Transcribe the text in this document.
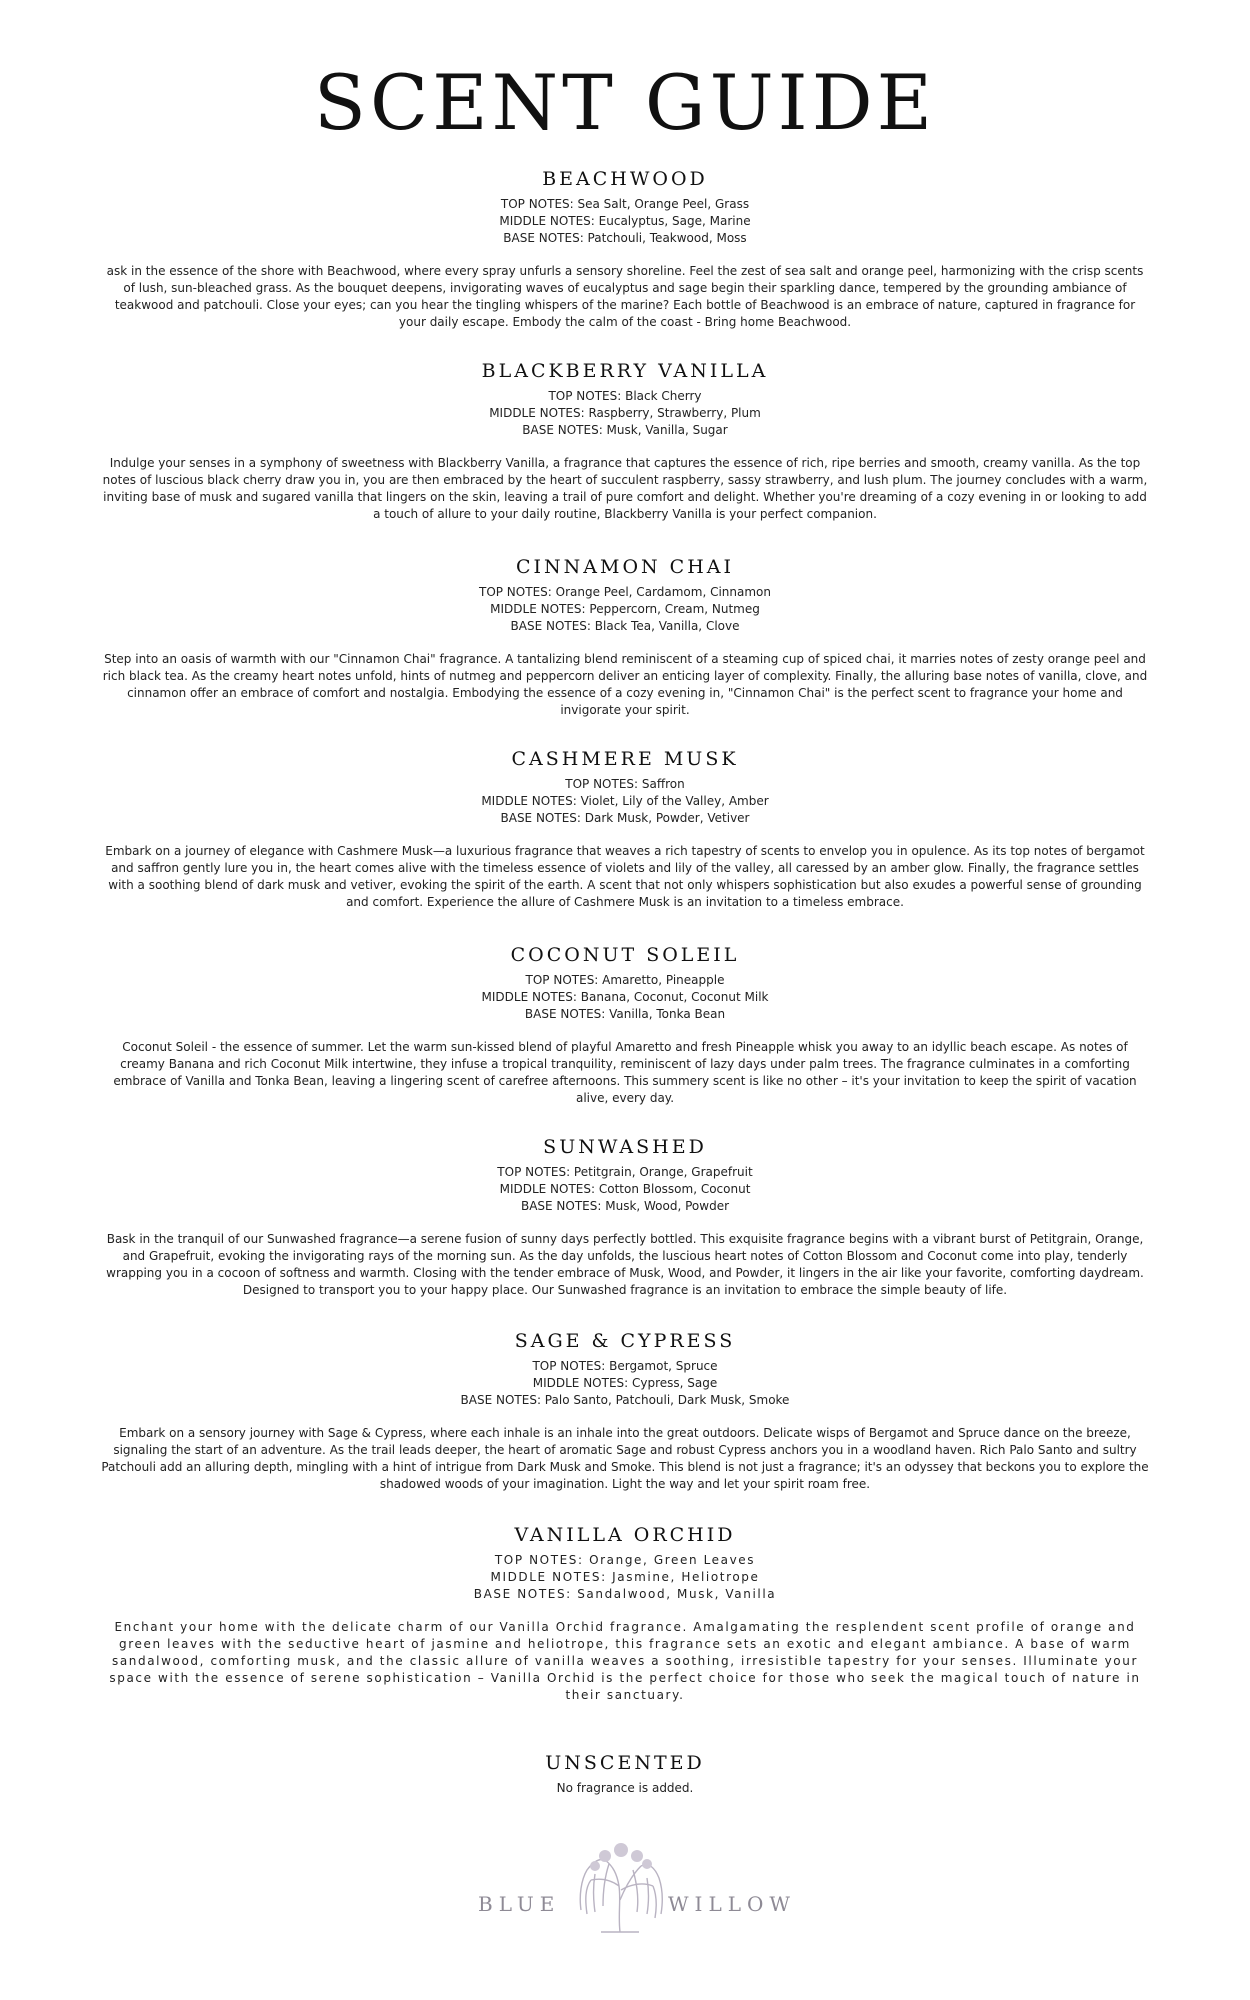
SCENT GUIDE
BEACHWOOD
TOP NOTES: Sea Salt, Orange Peel, Grass
MIDDLE NOTES: Eucalyptus, Sage, Marine
BASE NOTES: Patchouli, Teakwood, Moss
ask in the essence of the shore with Beachwood, where every spray unfurls a sensory shoreline. Feel the zest of sea salt and orange peel, harmonizing with the crisp scents of lush, sun-bleached grass. As the bouquet deepens, invigorating waves of eucalyptus and sage begin their sparkling dance, tempered by the grounding ambiance of teakwood and patchouli. Close your eyes; can you hear the tingling whispers of the marine? Each bottle of Beachwood is an embrace of nature, captured in fragrance for your daily escape. Embody the calm of the coast - Bring home Beachwood.
BLACKBERRY VANILLA
TOP NOTES: Black Cherry
MIDDLE NOTES: Raspberry, Strawberry, Plum
BASE NOTES: Musk, Vanilla, Sugar
Indulge your senses in a symphony of sweetness with Blackberry Vanilla, a fragrance that captures the essence of rich, ripe berries and smooth, creamy vanilla. As the top notes of luscious black cherry draw you in, you are then embraced by the heart of succulent raspberry, sassy strawberry, and lush plum. The journey concludes with a warm, inviting base of musk and sugared vanilla that lingers on the skin, leaving a trail of pure comfort and delight. Whether you're dreaming of a cozy evening in or looking to add a touch of allure to your daily routine, Blackberry Vanilla is your perfect companion.
CINNAMON CHAI
TOP NOTES: Orange Peel, Cardamom, Cinnamon
MIDDLE NOTES: Peppercorn, Cream, Nutmeg
BASE NOTES: Black Tea, Vanilla, Clove
Step into an oasis of warmth with our "Cinnamon Chai" fragrance. A tantalizing blend reminiscent of a steaming cup of spiced chai, it marries notes of zesty orange peel and rich black tea. As the creamy heart notes unfold, hints of nutmeg and peppercorn deliver an enticing layer of complexity. Finally, the alluring base notes of vanilla, clove, and cinnamon offer an embrace of comfort and nostalgia. Embodying the essence of a cozy evening in, "Cinnamon Chai" is the perfect scent to fragrance your home and invigorate your spirit.
CASHMERE MUSK
TOP NOTES: Saffron
MIDDLE NOTES: Violet, Lily of the Valley, Amber
BASE NOTES: Dark Musk, Powder, Vetiver
Embark on a journey of elegance with Cashmere Musk—a luxurious fragrance that weaves a rich tapestry of scents to envelop you in opulence. As its top notes of bergamot and saffron gently lure you in, the heart comes alive with the timeless essence of violets and lily of the valley, all caressed by an amber glow. Finally, the fragrance settles with a soothing blend of dark musk and vetiver, evoking the spirit of the earth. A scent that not only whispers sophistication but also exudes a powerful sense of grounding and comfort. Experience the allure of Cashmere Musk is an invitation to a timeless embrace.
COCONUT SOLEIL
TOP NOTES: Amaretto, Pineapple
MIDDLE NOTES: Banana, Coconut, Coconut Milk
BASE NOTES: Vanilla, Tonka Bean
Coconut Soleil - the essence of summer. Let the warm sun-kissed blend of playful Amaretto and fresh Pineapple whisk you away to an idyllic beach escape. As notes of creamy Banana and rich Coconut Milk intertwine, they infuse a tropical tranquility, reminiscent of lazy days under palm trees. The fragrance culminates in a comforting embrace of Vanilla and Tonka Bean, leaving a lingering scent of carefree afternoons. This summery scent is like no other – it's your invitation to keep the spirit of vacation alive, every day.
SUNWASHED
TOP NOTES: Petitgrain, Orange, Grapefruit
MIDDLE NOTES: Cotton Blossom, Coconut
BASE NOTES: Musk, Wood, Powder
Bask in the tranquil of our Sunwashed fragrance—a serene fusion of sunny days perfectly bottled. This exquisite fragrance begins with a vibrant burst of Petitgrain, Orange, and Grapefruit, evoking the invigorating rays of the morning sun. As the day unfolds, the luscious heart notes of Cotton Blossom and Coconut come into play, tenderly wrapping you in a cocoon of softness and warmth. Closing with the tender embrace of Musk, Wood, and Powder, it lingers in the air like your favorite, comforting daydream. Designed to transport you to your happy place. Our Sunwashed fragrance is an invitation to embrace the simple beauty of life.
SAGE & CYPRESS
TOP NOTES: Bergamot, Spruce
MIDDLE NOTES: Cypress, Sage
BASE NOTES: Palo Santo, Patchouli, Dark Musk, Smoke
Embark on a sensory journey with Sage & Cypress, where each inhale is an inhale into the great outdoors. Delicate wisps of Bergamot and Spruce dance on the breeze, signaling the start of an adventure. As the trail leads deeper, the heart of aromatic Sage and robust Cypress anchors you in a woodland haven. Rich Palo Santo and sultry Patchouli add an alluring depth, mingling with a hint of intrigue from Dark Musk and Smoke. This blend is not just a fragrance; it's an odyssey that beckons you to explore the shadowed woods of your imagination. Light the way and let your spirit roam free.
VANILLA ORCHID
TOP NOTES: Orange, Green Leaves
MIDDLE NOTES: Jasmine, Heliotrope
BASE NOTES: Sandalwood, Musk, Vanilla
Enchant your home with the delicate charm of our Vanilla Orchid fragrance. Amalgamating the resplendent scent profile of orange and green leaves with the seductive heart of jasmine and heliotrope, this fragrance sets an exotic and elegant ambiance. A base of warm sandalwood, comforting musk, and the classic allure of vanilla weaves a soothing, irresistible tapestry for your senses. Illuminate your space with the essence of serene sophistication – Vanilla Orchid is the perfect choice for those who seek the magical touch of nature in their sanctuary.
UNSCENTED
No fragrance is added.
BLUE	WILLOW
